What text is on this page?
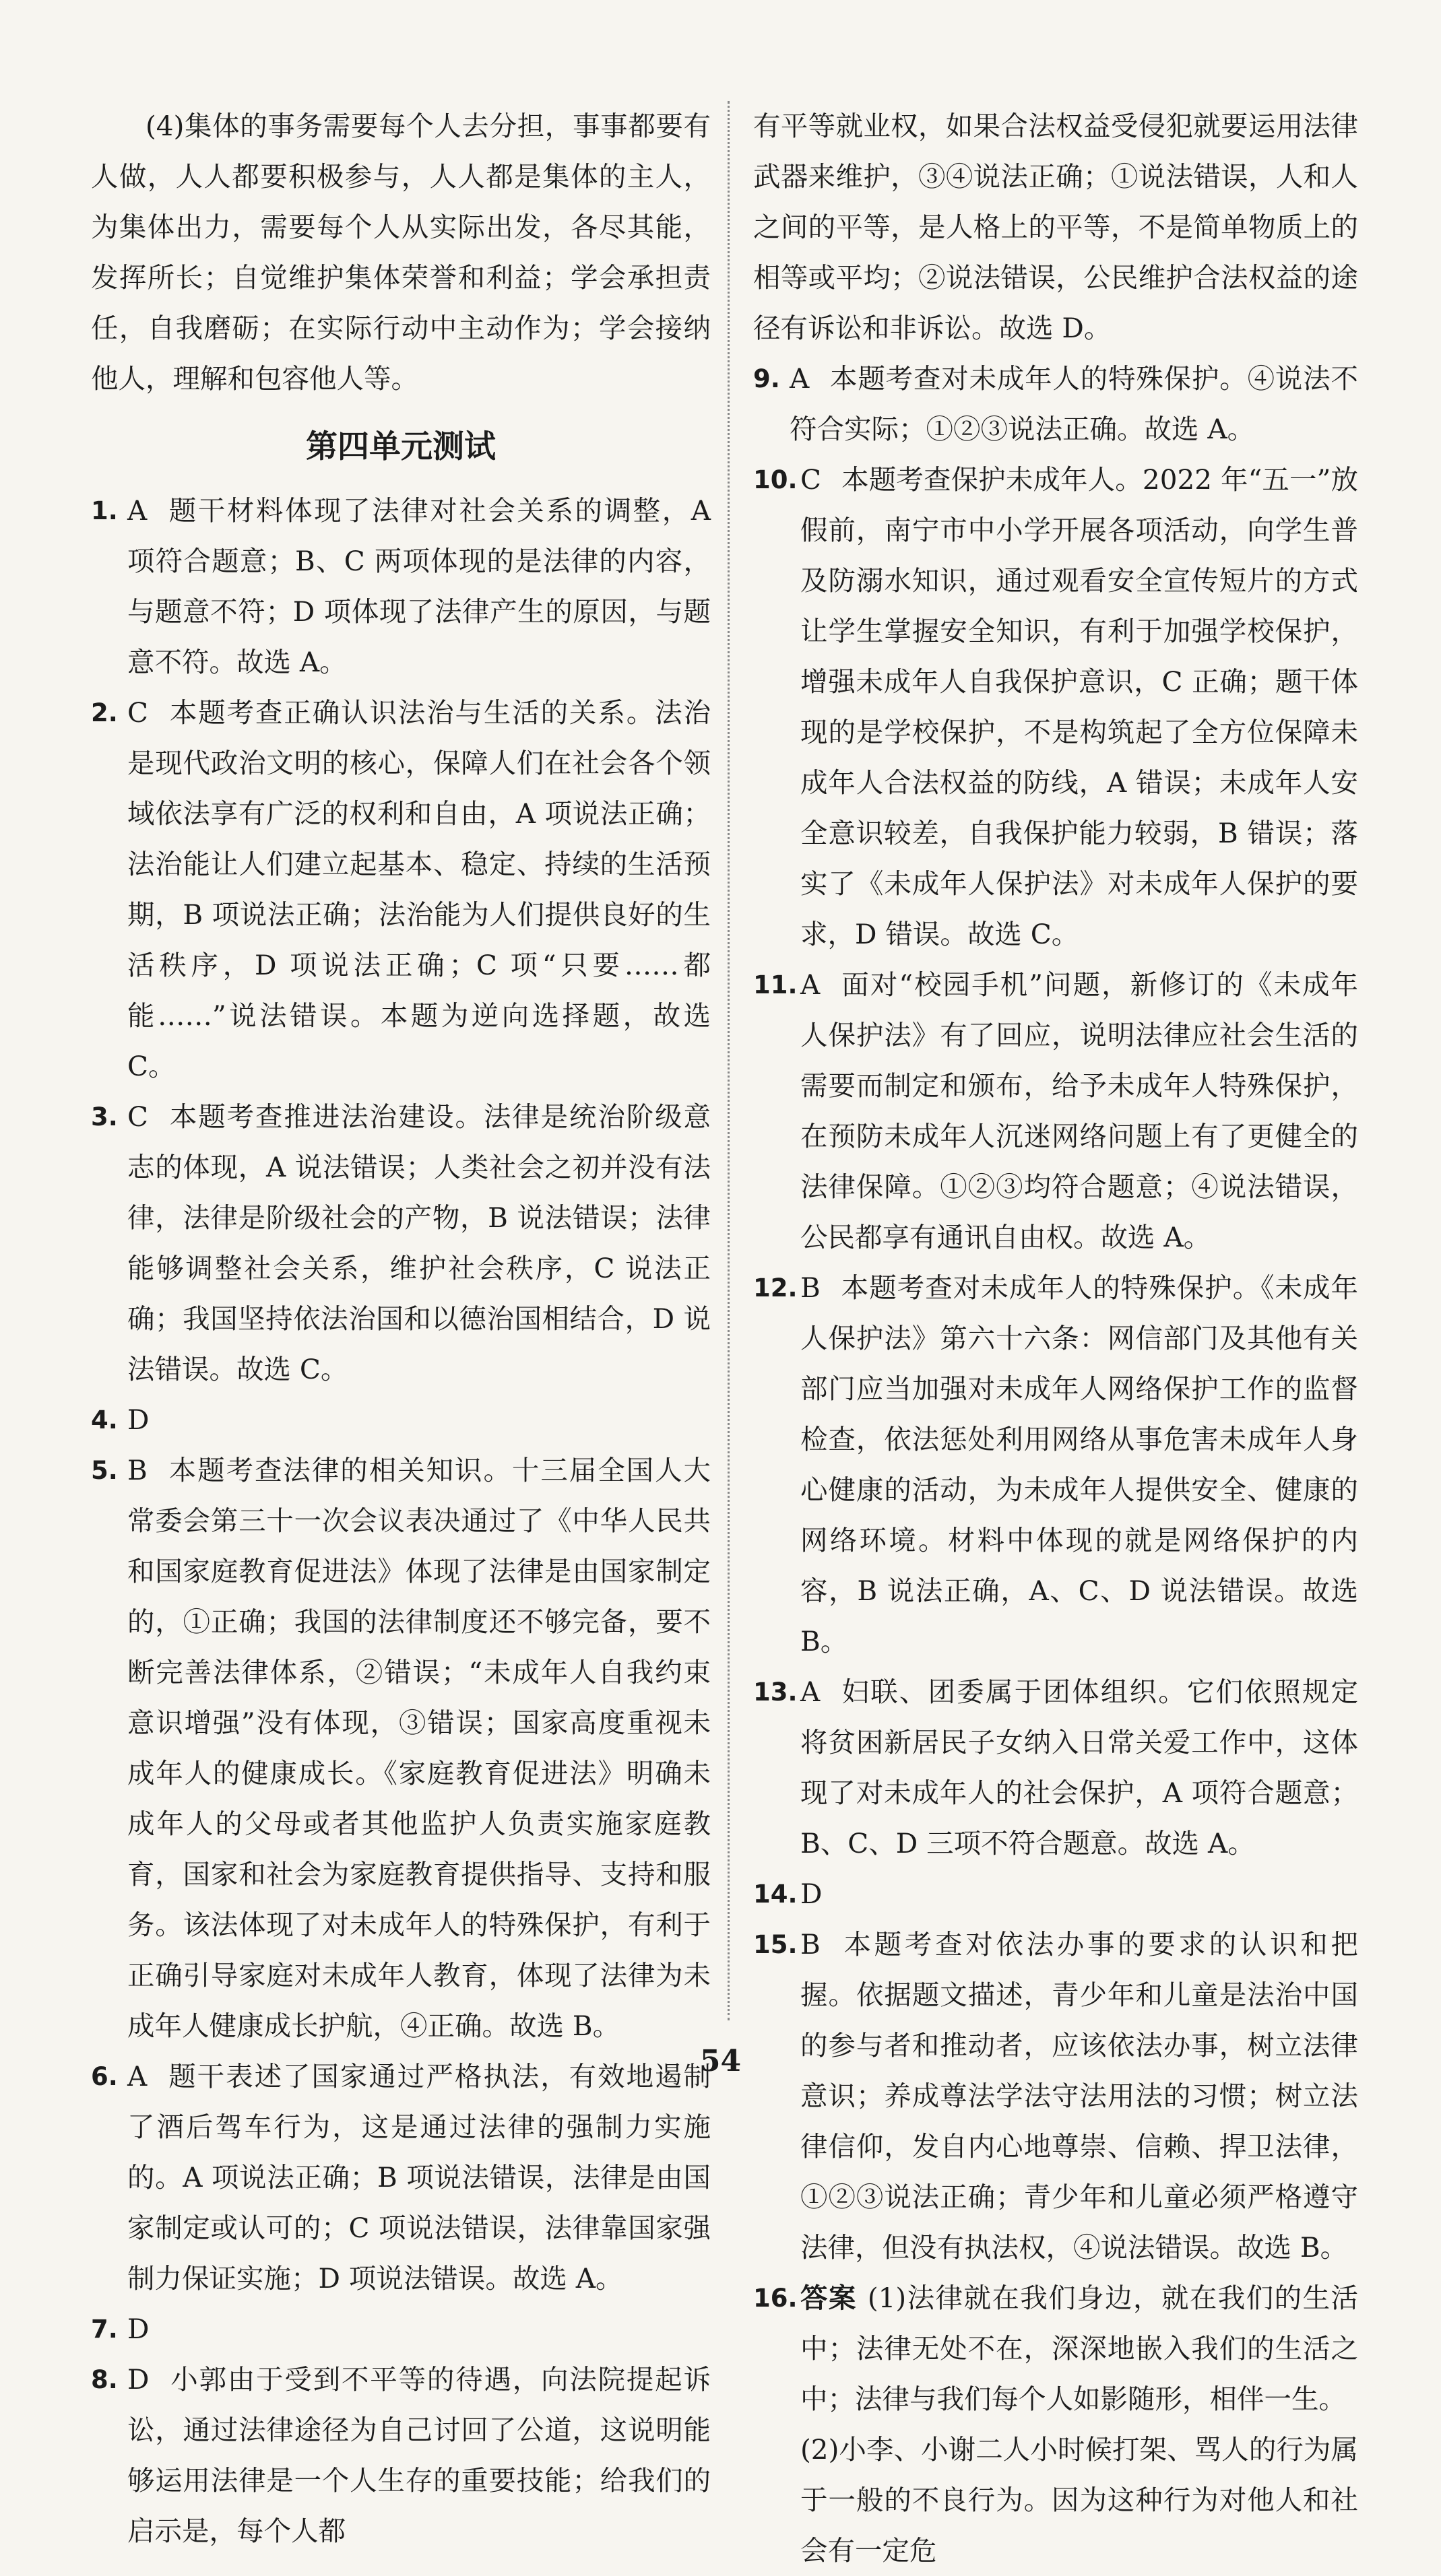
(4)集体的事务需要每个人去分担，事事都要有人做，人人都要积极参与，人人都是集体的主人，为集体出力，需要每个人从实际出发，各尽其能，发挥所长；自觉维护集体荣誉和利益；学会承担责任，自我磨砺；在实际行动中主动作为；学会接纳他人，理解和包容他人等。

第四单元测试
1. A 题干材料体现了法律对社会关系的调整，A 项符合题意；B、C 两项体现的是法律的内容，与题意不符；D 项体现了法律产生的原因，与题意不符。故选 A。
2. C 本题考查正确认识法治与生活的关系。法治是现代政治文明的核心，保障人们在社会各个领域依法享有广泛的权利和自由，A 项说法正确；法治能让人们建立起基本、稳定、持续的生活预期，B 项说法正确；法治能为人们提供良好的生活秩序，D 项说法正确；C 项“只要……都能……”说法错误。本题为逆向选择题，故选 C。
3. C 本题考查推进法治建设。法律是统治阶级意志的体现，A 说法错误；人类社会之初并没有法律，法律是阶级社会的产物，B 说法错误；法律能够调整社会关系，维护社会秩序，C 说法正确；我国坚持依法治国和以德治国相结合，D 说法错误。故选 C。
4. D
5. B 本题考查法律的相关知识。十三届全国人大常委会第三十一次会议表决通过了《中华人民共和国家庭教育促进法》体现了法律是由国家制定的，①正确；我国的法律制度还不够完备，要不断完善法律体系，②错误；“未成年人自我约束意识增强”没有体现，③错误；国家高度重视未成年人的健康成长。《家庭教育促进法》明确未成年人的父母或者其他监护人负责实施家庭教育，国家和社会为家庭教育提供指导、支持和服务。该法体现了对未成年人的特殊保护，有利于正确引导家庭对未成年人教育，体现了法律为未成年人健康成长护航，④正确。故选 B。
6. A 题干表述了国家通过严格执法，有效地遏制了酒后驾车行为，这是通过法律的强制力实施的。A 项说法正确；B 项说法错误，法律是由国家制定或认可的；C 项说法错误，法律靠国家强制力保证实施；D 项说法错误。故选 A。
7. D
8. D 小郭由于受到不平等的待遇，向法院提起诉讼，通过法律途径为自己讨回了公道，这说明能够运用法律是一个人生存的重要技能；给我们的启示是，每个人都

有平等就业权，如果合法权益受侵犯就要运用法律武器来维护，③④说法正确；①说法错误，人和人之间的平等，是人格上的平等，不是简单物质上的相等或平均；②说法错误，公民维护合法权益的途径有诉讼和非诉讼。故选 D。

9. A 本题考查对未成年人的特殊保护。④说法不符合实际；①②③说法正确。故选 A。
10. C 本题考查保护未成年人。2022 年“五一”放假前，南宁市中小学开展各项活动，向学生普及防溺水知识，通过观看安全宣传短片的方式让学生掌握安全知识，有利于加强学校保护，增强未成年人自我保护意识，C 正确；题干体现的是学校保护，不是构筑起了全方位保障未成年人合法权益的防线，A 错误；未成年人安全意识较差，自我保护能力较弱，B 错误；落实了《未成年人保护法》对未成年人保护的要求，D 错误。故选 C。
11. A 面对“校园手机”问题，新修订的《未成年人保护法》有了回应，说明法律应社会生活的需要而制定和颁布，给予未成年人特殊保护，在预防未成年人沉迷网络问题上有了更健全的法律保障。①②③均符合题意；④说法错误，公民都享有通讯自由权。故选 A。
12. B 本题考查对未成年人的特殊保护。《未成年人保护法》第六十六条：网信部门及其他有关部门应当加强对未成年人网络保护工作的监督检查，依法惩处利用网络从事危害未成年人身心健康的活动，为未成年人提供安全、健康的网络环境。材料中体现的就是网络保护的内容，B 说法正确，A、C、D 说法错误。故选 B。
13. A 妇联、团委属于团体组织。它们依照规定将贫困新居民子女纳入日常关爱工作中，这体现了对未成年人的社会保护，A 项符合题意；B、C、D 三项不符合题意。故选 A。
14. D
15. B 本题考查对依法办事的要求的认识和把握。依据题文描述，青少年和儿童是法治中国的参与者和推动者，应该依法办事，树立法律意识；养成尊法学法守法用法的习惯；树立法律信仰，发自内心地尊崇、信赖、捍卫法律，①②③说法正确；青少年和儿童必须严格遵守法律，但没有执法权，④说法错误。故选 B。
16. 答案 (1)法律就在我们身边，就在我们的生活中；法律无处不在，深深地嵌入我们的生活之中；法律与我们每个人如影随形，相伴一生。

(2)小李、小谢二人小时候打架、骂人的行为属于一般的不良行为。因为这种行为对他人和社会有一定危

54
